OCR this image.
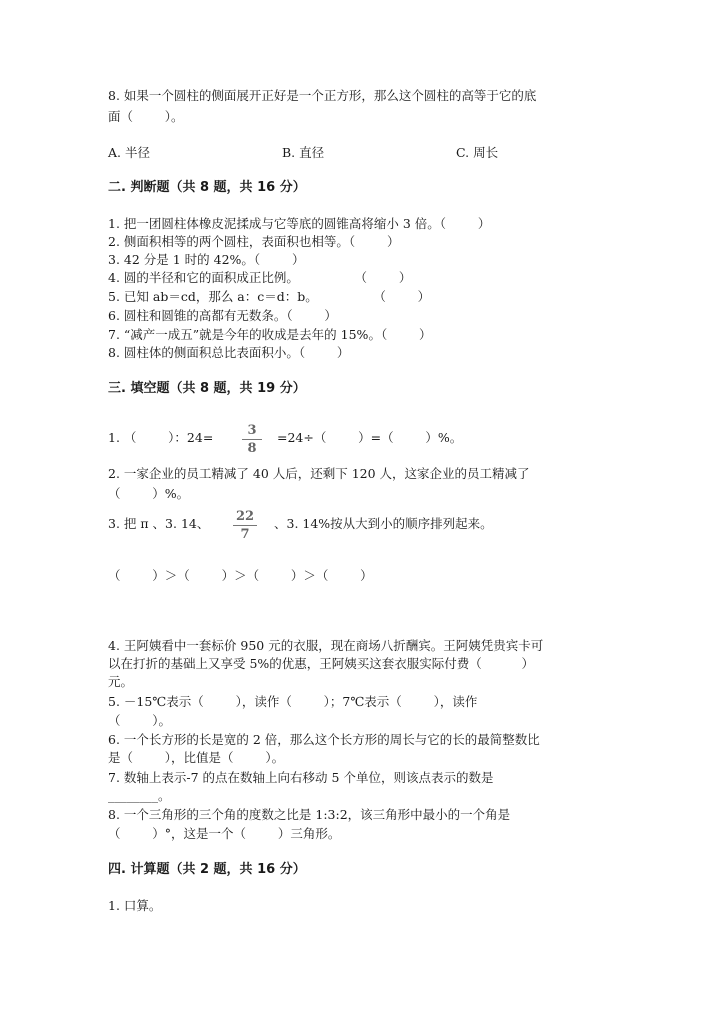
8. 如果一个圆柱的侧面展开正好是一个正方形，那么这个圆柱的高等于它的底
面（        ）。
A. 半径	B. 直径	C. 周长
二. 判断题（共 8 题，共 16 分）
1. 把一团圆柱体橡皮泥揉成与它等底的圆锥高将缩小 3 倍。（        ）
2. 侧面积相等的两个圆柱，表面积也相等。（        ）
3. 42 分是 1 时的 42%。（        ）
4. 圆的半径和它的面积成正比例。              （        ）
5. 已知 ab＝cd，那么 a：c＝d：b。              （        ）
6. 圆柱和圆锥的高都有无数条。（        ）
7. “减产一成五”就是今年的收成是去年的 15%。（        ）
8. 圆柱体的侧面积总比表面积小。（        ）
三. 填空题（共 8 题，共 19 分）
1. （        ）：24=	3
8
=24÷（        ）=（        ）%。
2. 一家企业的员工精减了 40 人后，还剩下 120 人，这家企业的员工精减了
（        ）%。
3. 把 π 、3. 14、 22
7
、3. 14%按从大到小的顺序排列起来。
（        ）＞（        ）＞（        ）＞（        ）
4. 王阿姨看中一套标价 950 元的衣服，现在商场八折酬宾。王阿姨凭贵宾卡可
以在打折的基础上又享受 5%的优惠，王阿姨买这套衣服实际付费（          ）
元。
5. －15℃表示（        ），读作（        ）；7℃表示（        ），读作
（        ）。
6. 一个长方形的长是宽的 2 倍，那么这个长方形的周长与它的长的最简整数比
是（        ），比值是（        ）。
7. 数轴上表示-7 的点在数轴上向右移动 5 个单位，则该点表示的数是
________。
8. 一个三角形的三个角的度数之比是 1:3:2，该三角形中最小的一个角是
（        ）°，这是一个（        ）三角形。
四. 计算题（共 2 题，共 16 分）
1. 口算。
